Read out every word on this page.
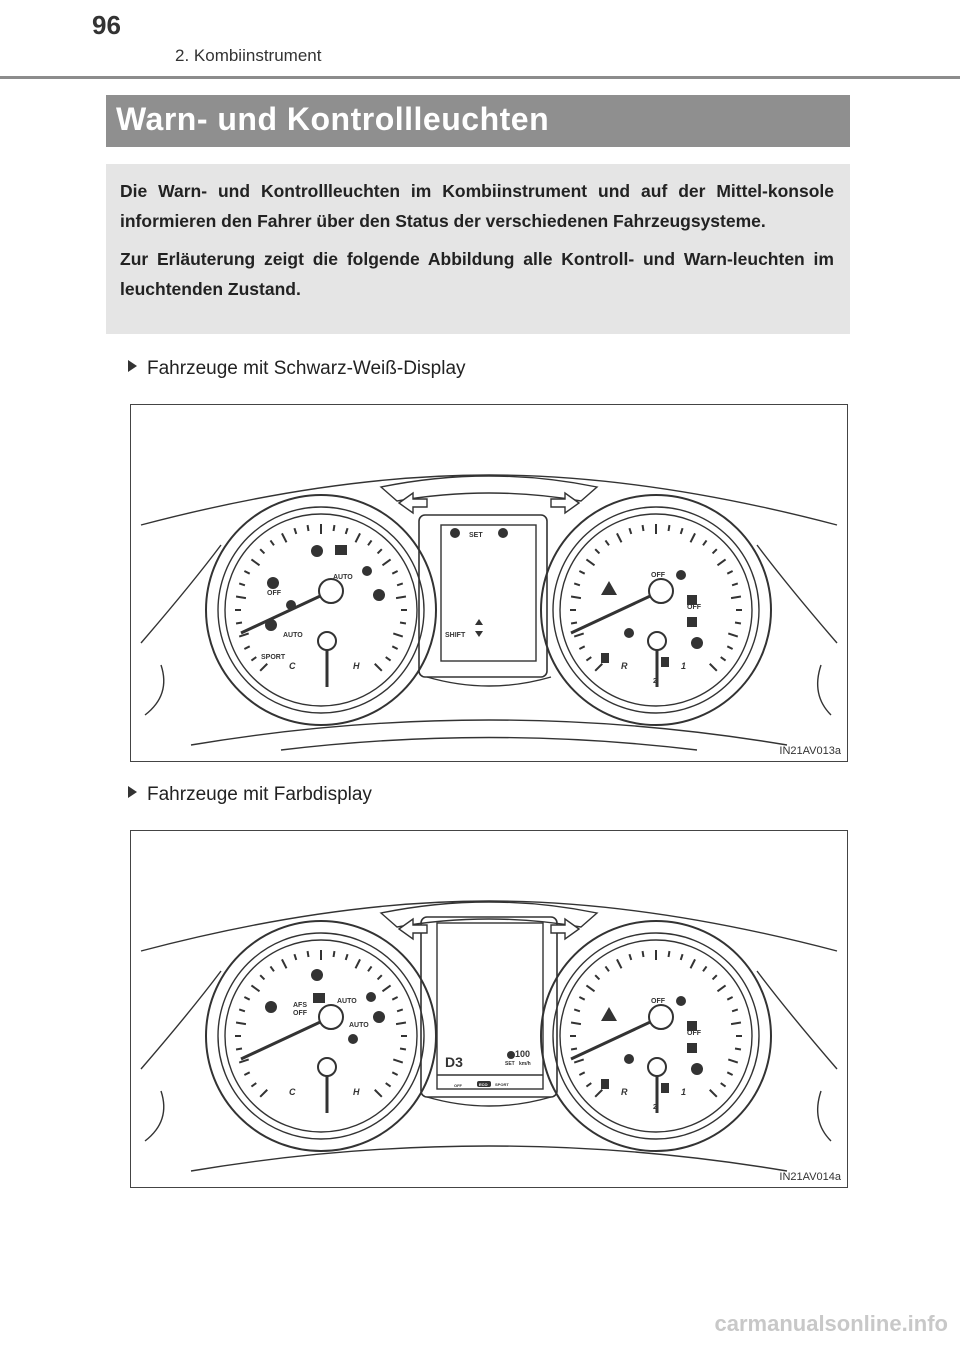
96
2. Kombiinstrument
Warn- und Kontrollleuchten

Die Warn- und Kontrollleuchten im Kombiinstrument und auf der Mittel-konsole informieren den Fahrer über den Status der verschiedenen Fahrzeugsysteme.

Zur Erläuterung zeigt die folgende Abbildung alle Kontroll- und Warn-leuchten im leuchtenden Zustand.

Fahrzeuge mit Schwarz-Weiß-Display
SET
SHIFT
OFF
AUTO
AUTO
SPORT
C	H
OFF
OFF
R	1
2
IN21AV013a
Fahrzeuge mit Farbdisplay
D3	100
SET km/h
OFF	ECO SPORT
AFS
OFF
AUTO
AUTO
C	H
OFF
OFF
R	1
2
IN21AV014a
carmanualsonline.info
